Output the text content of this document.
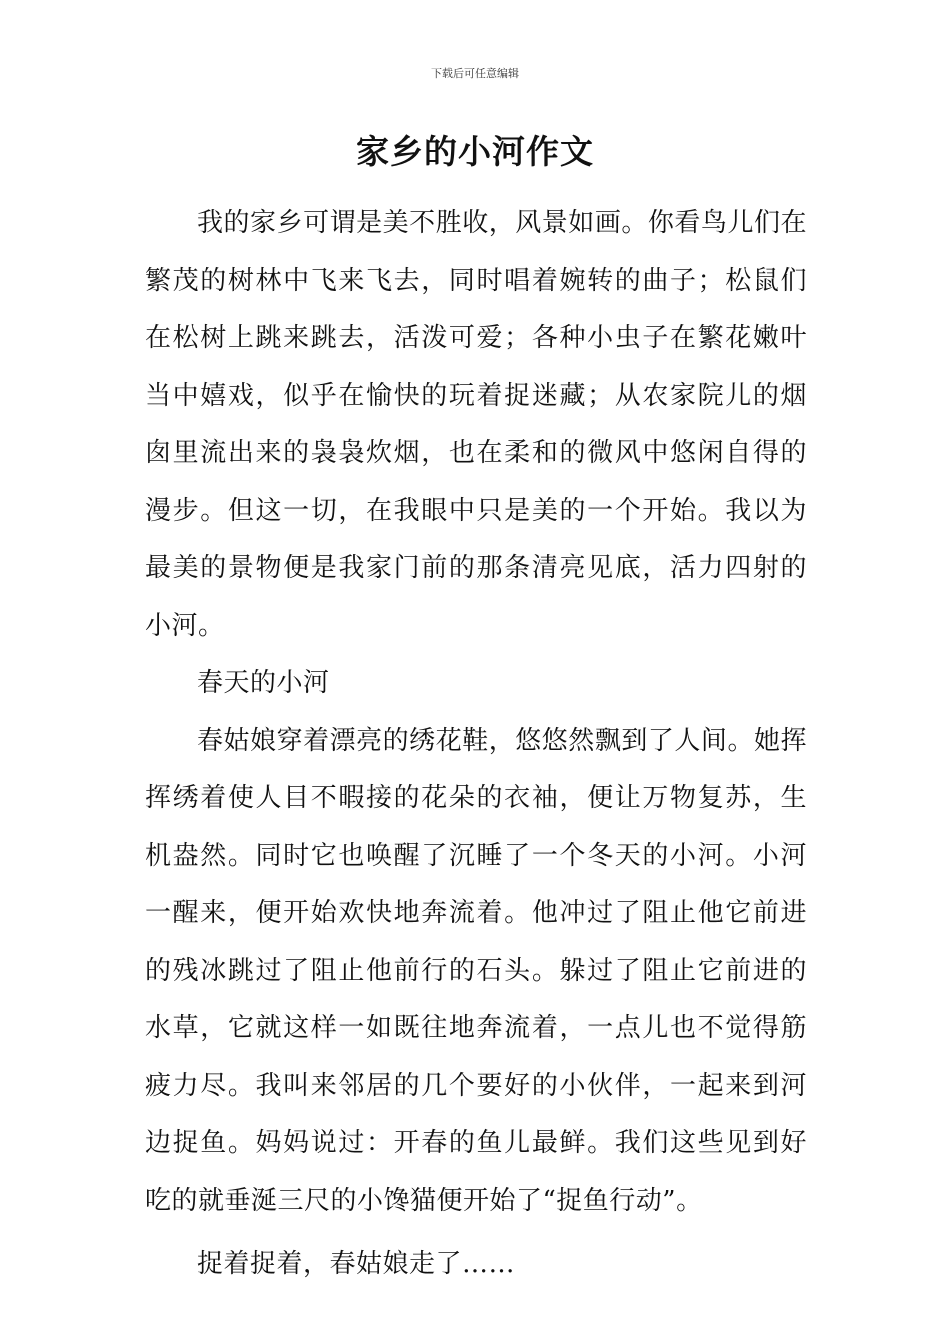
下载后可任意编辑
家乡的小河作文

我的家乡可谓是美不胜收，风景如画。你看鸟儿们在繁茂的树林中飞来飞去，同时唱着婉转的曲子；松鼠们在松树上跳来跳去，活泼可爱；各种小虫子在繁花嫩叶当中嬉戏，似乎在愉快的玩着捉迷藏；从农家院儿的烟囱里流出来的袅袅炊烟，也在柔和的微风中悠闲自得的漫步。但这一切，在我眼中只是美的一个开始。我以为最美的景物便是我家门前的那条清亮见底，活力四射的小河。

春天的小河

春姑娘穿着漂亮的绣花鞋，悠悠然飘到了人间。她挥挥绣着使人目不暇接的花朵的衣袖，便让万物复苏，生机盎然。同时它也唤醒了沉睡了一个冬天的小河。小河一醒来，便开始欢快地奔流着。他冲过了阻止他它前进的残冰跳过了阻止他前行的石头。躲过了阻止它前进的水草，它就这样一如既往地奔流着，一点儿也不觉得筋疲力尽。我叫来邻居的几个要好的小伙伴，一起来到河边捉鱼。妈妈说过：开春的鱼儿最鲜。我们这些见到好吃的就垂涎三尺的小馋猫便开始了“捉鱼行动”。

捉着捉着，春姑娘走了……
